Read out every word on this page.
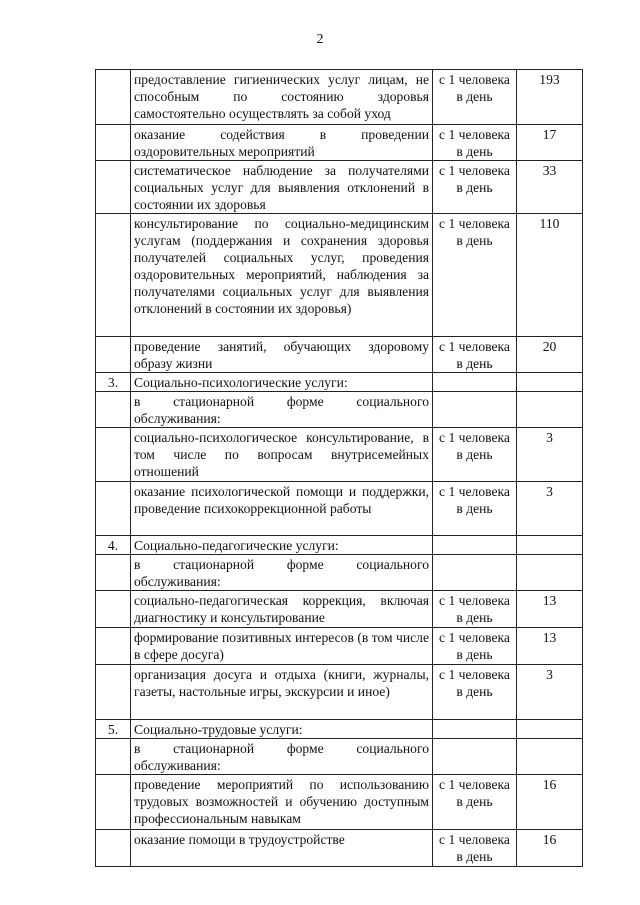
2
	предоставление гигиенических услуг лицам, не способным по состоянию здоровья самостоятельно осуществлять за собой уход	с 1 человека в день	193
	оказание содействия в проведении оздоровительных мероприятий	с 1 человека в день	17
	систематическое наблюдение за получателями социальных услуг для выявления отклонений в состоянии их здоровья	с 1 человека в день	33
	консультирование по социально-медицинским услугам (поддержания и сохранения здоровья получателей социальных услуг, проведения оздоровительных мероприятий, наблюдения за получателями социальных услуг для выявления отклонений в состоянии их здоровья)	с 1 человека в день	110
	проведение занятий, обучающих здоровому образу жизни	с 1 человека в день	20
3.	Социально-психологические услуги:		
	в стационарной форме социального обслуживания:		
	социально-психологическое консультирование, в том числе по вопросам внутрисемейных отношений	с 1 человека в день	3
	оказание психологической помощи и поддержки, проведение психокоррекционной работы	с 1 человека в день	3
4.	Социально-педагогические услуги:		
	в стационарной форме социального обслуживания:		
	социально-педагогическая коррекция, включая диагностику и консультирование	с 1 человека в день	13
	формирование позитивных интересов (в том числе в сфере досуга)	с 1 человека в день	13
	организация досуга и отдыха (книги, журналы, газеты, настольные игры, экскурсии и иное)	с 1 человека в день	3
5.	Социально-трудовые услуги:		
	в стационарной форме социального обслуживания:		
	проведение мероприятий по использованию трудовых возможностей и обучению доступным профессиональным навыкам	с 1 человека в день	16
	оказание помощи в трудоустройстве	с 1 человека в день	16
